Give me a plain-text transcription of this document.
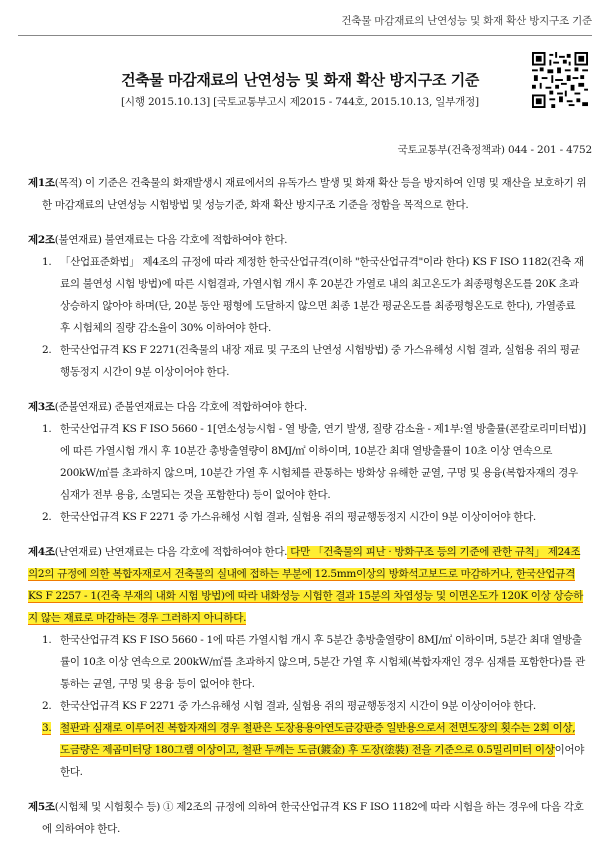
건축물 마감재료의 난연성능 및 화재 확산 방지구조 기준
건축물 마감재료의 난연성능 및 화재 확산 방지구조 기준
[시행 2015.10.13] [국토교통부고시 제2015 - 744호, 2015.10.13, 일부개정]
국토교통부(건축정책과) 044 - 201 - 4752
제1조(목적) 이 기준은 건축물의 화재발생시 재료에서의 유독가스 발생 및 화재 확산 등을 방지하여 인명 및 재산을 보호하기 위한 마감재료의 난연성능 시험방법 및 성능기준, 화재 확산 방지구조 기준을 정함을 목적으로 한다.
제2조(불연재료) 불연재료는 다음 각호에 적합하여야 한다.
1. 「산업표준화법」 제4조의 규정에 따라 제정한 한국산업규격(이하 "한국산업규격"이라 한다) KS F ISO 1182(건축 재료의 불연성 시험 방법)에 따른 시험결과, 가열시험 개시 후 20분간 가열로 내의 최고온도가 최종평형온도를 20K 초과 상승하지 않아야 하며(단, 20분 동안 평형에 도달하지 않으면 최종 1분간 평균온도를 최종평형온도로 한다), 가열종료 후 시험체의 질량 감소율이 30% 이하여야 한다.
2. 한국산업규격 KS F 2271(건축물의 내장 재료 및 구조의 난연성 시험방법) 중 가스유해성 시험 결과, 실험용 쥐의 평균행동정지 시간이 9분 이상이어야 한다.
제3조(준불연재료) 준불연재료는 다음 각호에 적합하여야 한다.
1. 한국산업규격 KS F ISO 5660 - 1[연소성능시험 - 열 방출, 연기 발생, 질량 감소율 - 제1부:열 방출률(콘칼로리미터법)]에 따른 가열시험 개시 후 10분간 총방출열량이 8MJ/㎡ 이하이며, 10분간 최대 열방출률이 10초 이상 연속으로 200kW/㎡를 초과하지 않으며, 10분간 가열 후 시험체를 관통하는 방화상 유해한 균열, 구멍 및 용융(복합자재의 경우 심재가 전부 용융, 소멸되는 것을 포함한다) 등이 없어야 한다.
2. 한국산업규격 KS F 2271 중 가스유해성 시험 결과, 실험용 쥐의 평균행동정지 시간이 9분 이상이어야 한다.
제4조(난연재료) 난연재료는 다음 각호에 적합하여야 한다. 다만 「건축물의 피난 · 방화구조 등의 기준에 관한 규칙」 제24조의2의 규정에 의한 복합자재로서 건축물의 실내에 접하는 부분에 12.5mm이상의 방화석고보드로 마감하거나, 한국산업규격 KS F 2257 - 1(건축 부재의 내화 시험 방법)에 따라 내화성능 시험한 결과 15분의 차염성능 및 이면온도가 120K 이상 상승하지 않는 재료로 마감하는 경우 그러하지 아니하다.
1. 한국산업규격 KS F ISO 5660 - 1에 따른 가열시험 개시 후 5분간 총방출열량이 8MJ/㎡ 이하이며, 5분간 최대 열방출률이 10초 이상 연속으로 200kW/㎡를 초과하지 않으며, 5분간 가열 후 시험체(복합자재인 경우 심재를 포함한다)를 관통하는 균열, 구멍 및 용융 등이 없어야 한다.
2. 한국산업규격 KS F 2271 중 가스유해성 시험 결과, 실험용 쥐의 평균행동정지 시간이 9분 이상이어야 한다.
3. 철판과 심재로 이루어진 복합자재의 경우 철판은 도장용용아연도금강판증 일반용으로서 전면도장의 횟수는 2회 이상, 도금량은 제곱미터당 180그램 이상이고, 철판 두께는 도금(鍍金) 후 도장(塗裝) 전을 기준으로 0.5밀리미터 이상이어야 한다.
제5조(시험체 및 시험횟수 등) ① 제2조의 규정에 의하여 한국산업규격 KS F ISO 1182에 따라 시험을 하는 경우에 다음 각호에 의하여야 한다.
